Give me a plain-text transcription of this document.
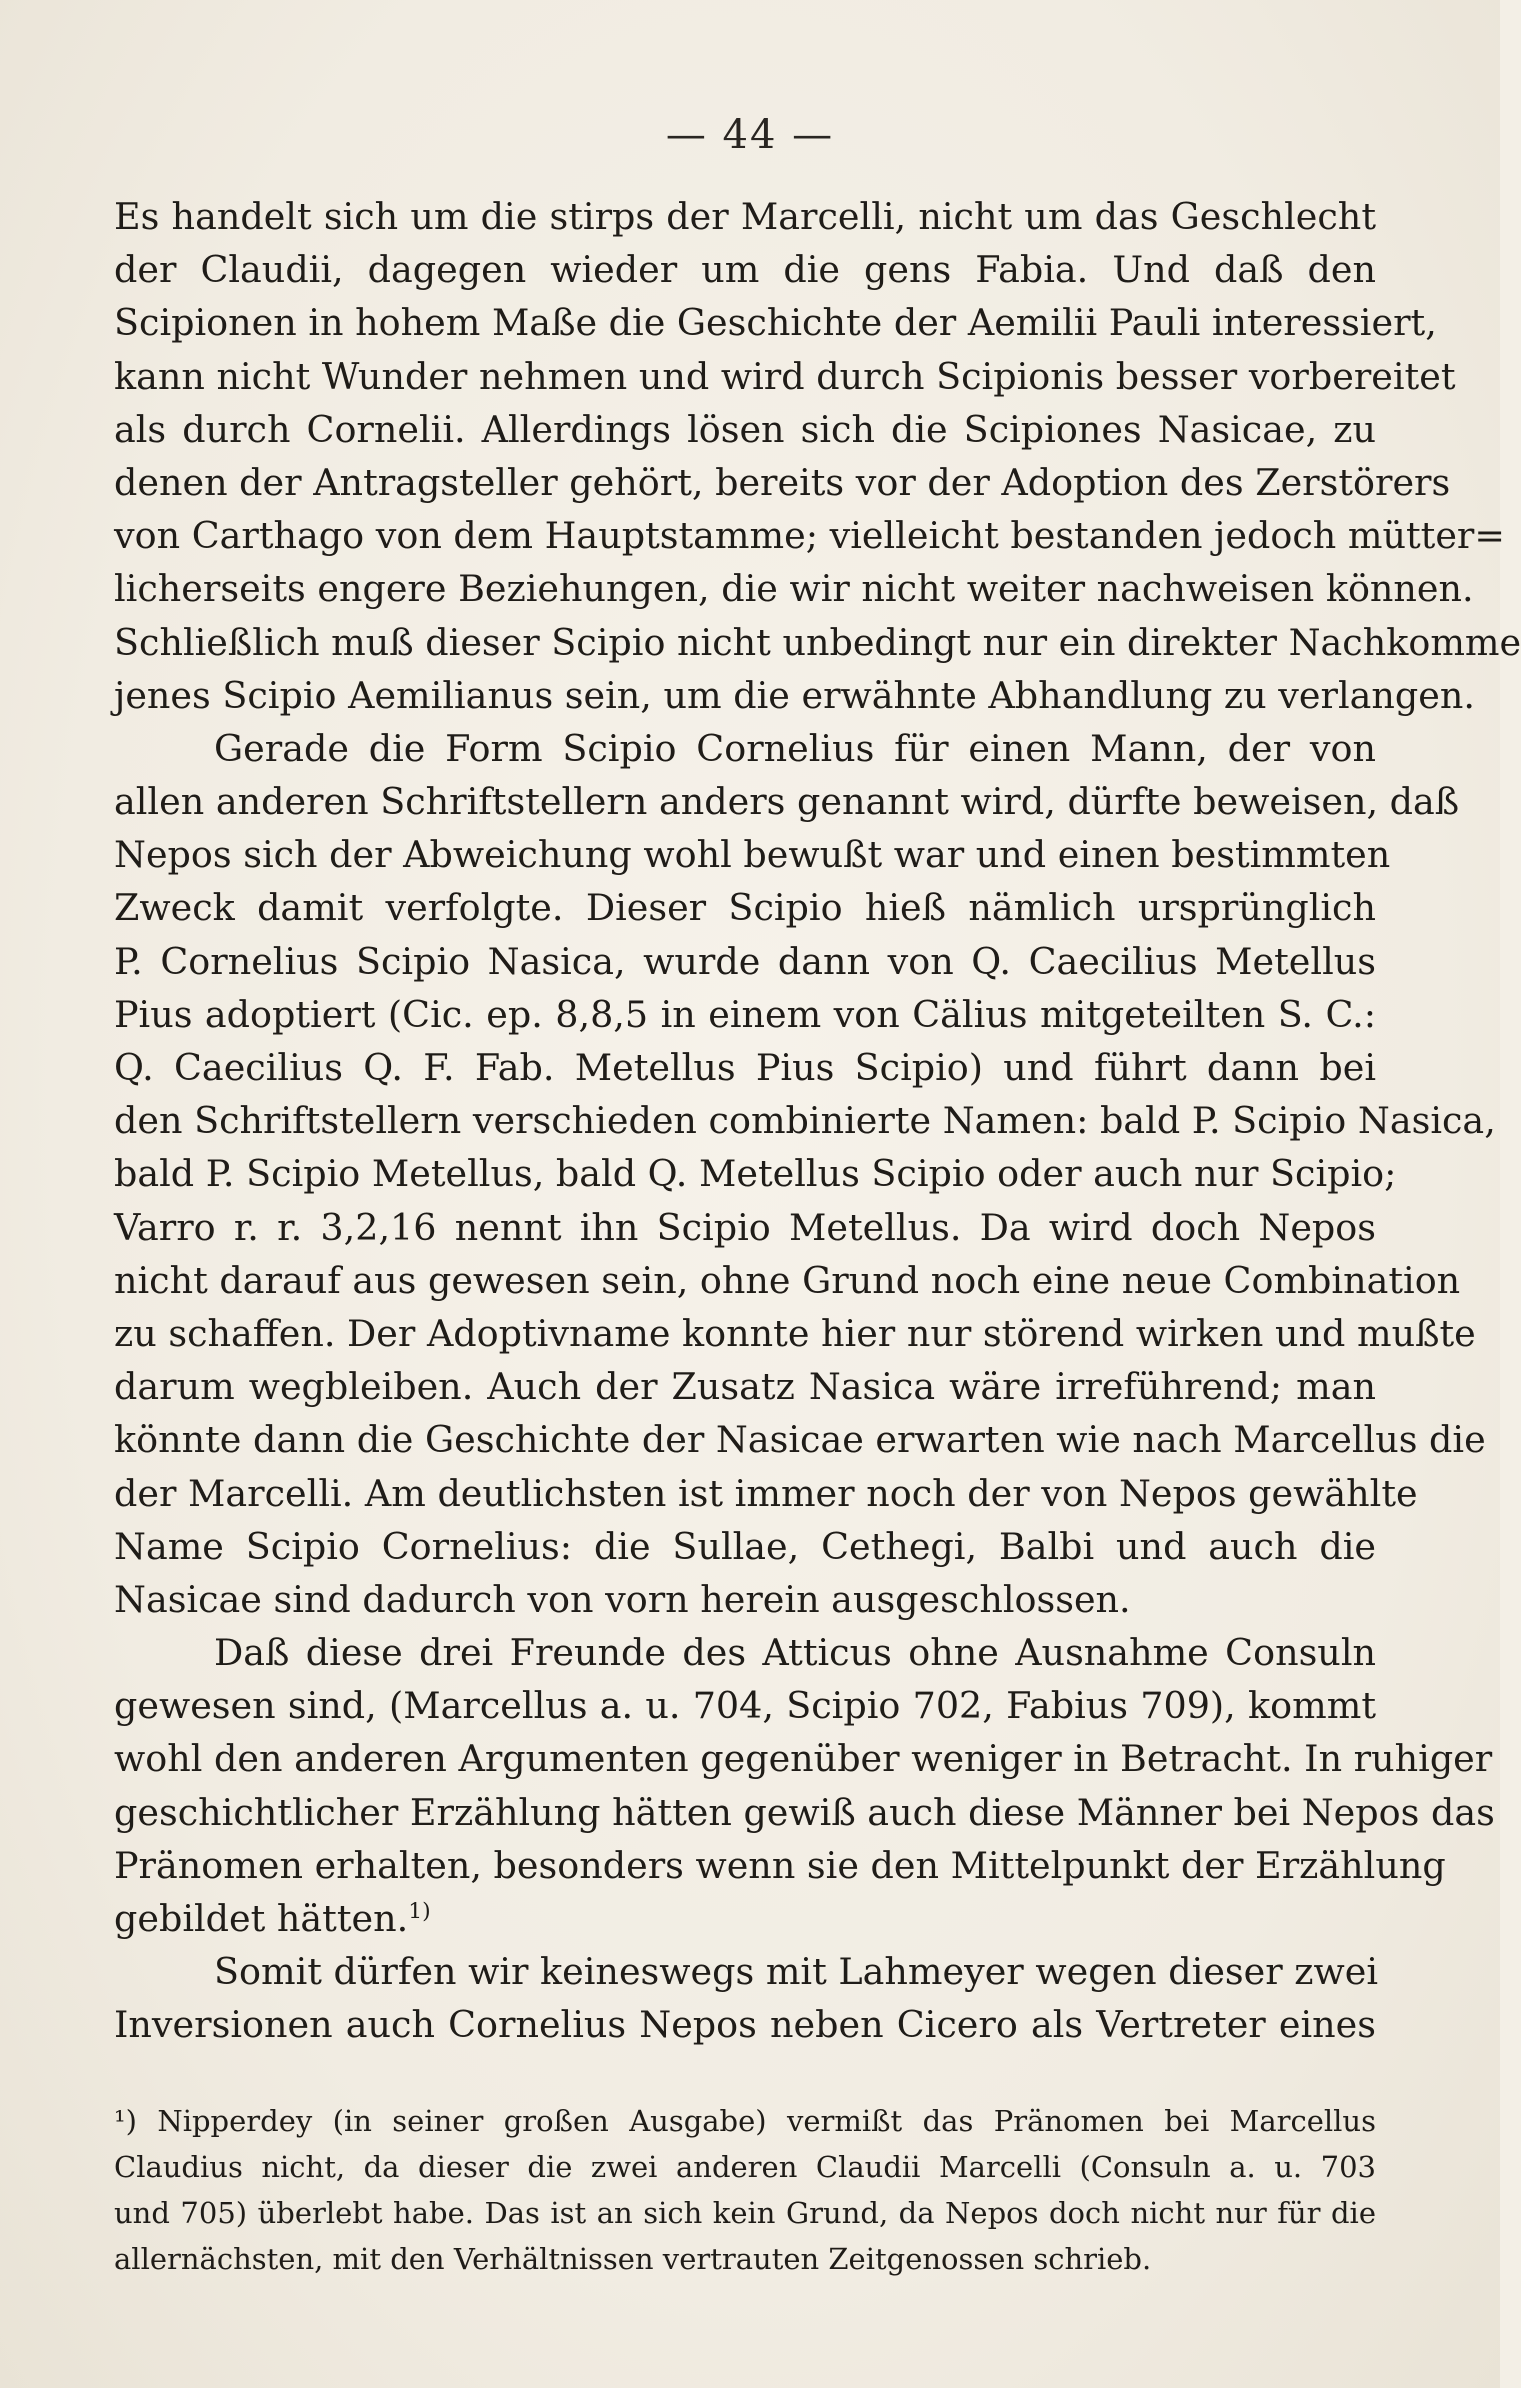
— 44 —
Es handelt sich um die stirps der Marcelli, nicht um das Geschlecht
der Claudii, dagegen wieder um die gens Fabia. Und daß den
Scipionen in hohem Maße die Geschichte der Aemilii Pauli interessiert,
kann nicht Wunder nehmen und wird durch Scipionis besser vorbereitet
als durch Cornelii. Allerdings lösen sich die Scipiones Nasicae, zu
denen der Antragsteller gehört, bereits vor der Adoption des Zerstörers
von Carthago von dem Hauptstamme; vielleicht bestanden jedoch mütter=
licherseits engere Beziehungen, die wir nicht weiter nachweisen können.
Schließlich muß dieser Scipio nicht unbedingt nur ein direkter Nachkomme
jenes Scipio Aemilianus sein, um die erwähnte Abhandlung zu verlangen.
Gerade die Form Scipio Cornelius für einen Mann, der von
allen anderen Schriftstellern anders genannt wird, dürfte beweisen, daß
Nepos sich der Abweichung wohl bewußt war und einen bestimmten
Zweck damit verfolgte. Dieser Scipio hieß nämlich ursprünglich
P. Cornelius Scipio Nasica, wurde dann von Q. Caecilius Metellus
Pius adoptiert (Cic. ep. 8,8,5 in einem von Cälius mitgeteilten S. C.:
Q. Caecilius Q. F. Fab. Metellus Pius Scipio) und führt dann bei
den Schriftstellern verschieden combinierte Namen: bald P. Scipio Nasica,
bald P. Scipio Metellus, bald Q. Metellus Scipio oder auch nur Scipio;
Varro r. r. 3,2,16 nennt ihn Scipio Metellus. Da wird doch Nepos
nicht darauf aus gewesen sein, ohne Grund noch eine neue Combination
zu schaffen. Der Adoptivname konnte hier nur störend wirken und mußte
darum wegbleiben. Auch der Zusatz Nasica wäre irreführend; man
könnte dann die Geschichte der Nasicae erwarten wie nach Marcellus die
der Marcelli. Am deutlichsten ist immer noch der von Nepos gewählte
Name Scipio Cornelius: die Sullae, Cethegi, Balbi und auch die
Nasicae sind dadurch von vorn herein ausgeschlossen.
Daß diese drei Freunde des Atticus ohne Ausnahme Consuln
gewesen sind, (Marcellus a. u. 704, Scipio 702, Fabius 709), kommt
wohl den anderen Argumenten gegenüber weniger in Betracht. In ruhiger
geschichtlicher Erzählung hätten gewiß auch diese Männer bei Nepos das
Pränomen erhalten, besonders wenn sie den Mittelpunkt der Erzählung
gebildet hätten.$^{1)}$
Somit dürfen wir keineswegs mit Lahmeyer wegen dieser zwei
Inversionen auch Cornelius Nepos neben Cicero als Vertreter eines
¹) Nipperdey (in seiner großen Ausgabe) vermißt das Pränomen bei Marcellus
Claudius nicht, da dieser die zwei anderen Claudii Marcelli (Consuln a. u. 703
und 705) überlebt habe. Das ist an sich kein Grund, da Nepos doch nicht nur für die
allernächsten, mit den Verhältnissen vertrauten Zeitgenossen schrieb.
